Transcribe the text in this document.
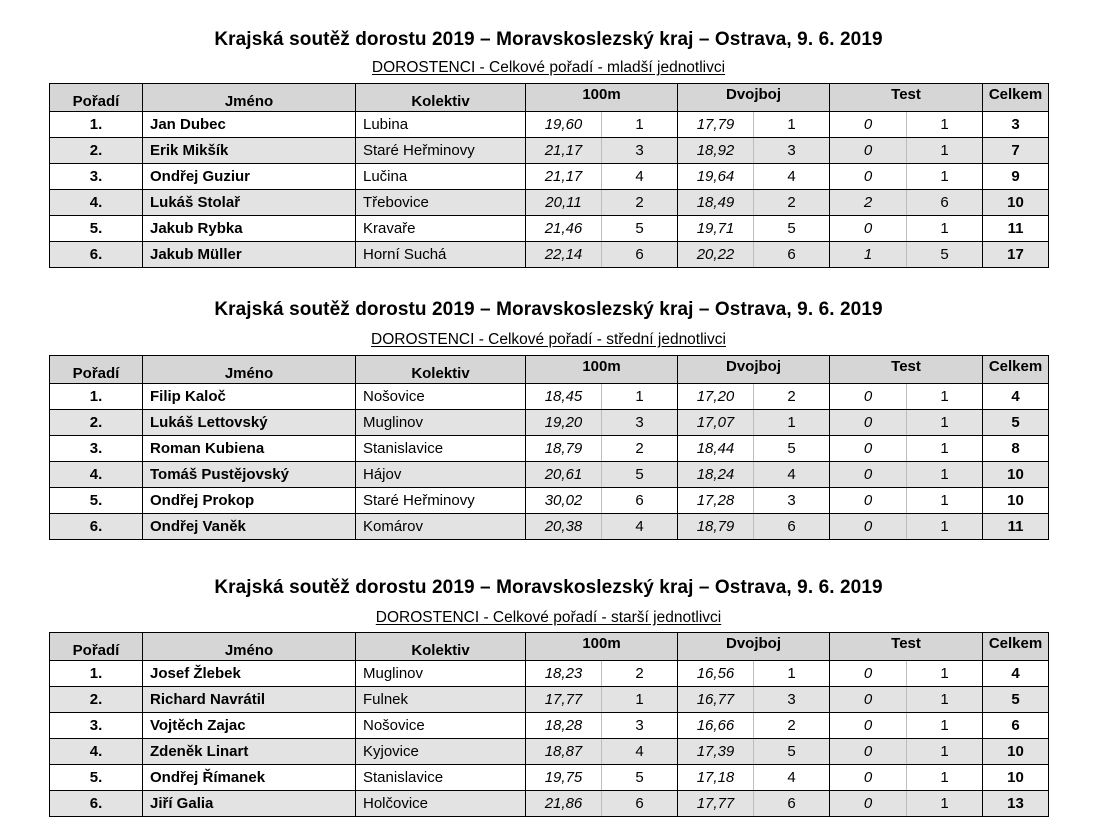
Krajská soutěž dorostu 2019 – Moravskoslezský kraj – Ostrava, 9. 6. 2019
DOROSTENCI - Celkové pořadí - mladší jednotlivci
Pořadí	Jméno	Kolektiv	100m		Dvojboj		Test		Celkem
1.	Jan Dubec	Lubina	19,60	1	17,79	1	0	1	3
2.	Erik Mikšík	Staré Heřminovy	21,17	3	18,92	3	0	1	7
3.	Ondřej Guziur	Lučina	21,17	4	19,64	4	0	1	9
4.	Lukáš Stolař	Třebovice	20,11	2	18,49	2	2	6	10
5.	Jakub Rybka	Kravaře	21,46	5	19,71	5	0	1	11
6.	Jakub Müller	Horní Suchá	22,14	6	20,22	6	1	5	17
Krajská soutěž dorostu 2019 – Moravskoslezský kraj – Ostrava, 9. 6. 2019
DOROSTENCI - Celkové pořadí - střední jednotlivci
Pořadí	Jméno	Kolektiv	100m		Dvojboj		Test		Celkem
1.	Filip Kaloč	Nošovice	18,45	1	17,20	2	0	1	4
2.	Lukáš Lettovský	Muglinov	19,20	3	17,07	1	0	1	5
3.	Roman Kubiena	Stanislavice	18,79	2	18,44	5	0	1	8
4.	Tomáš Pustějovský	Hájov	20,61	5	18,24	4	0	1	10
5.	Ondřej Prokop	Staré Heřminovy	30,02	6	17,28	3	0	1	10
6.	Ondřej Vaněk	Komárov	20,38	4	18,79	6	0	1	11
Krajská soutěž dorostu 2019 – Moravskoslezský kraj – Ostrava, 9. 6. 2019
DOROSTENCI - Celkové pořadí - starší jednotlivci
Pořadí	Jméno	Kolektiv	100m		Dvojboj		Test		Celkem
1.	Josef Žlebek	Muglinov	18,23	2	16,56	1	0	1	4
2.	Richard Navrátil	Fulnek	17,77	1	16,77	3	0	1	5
3.	Vojtěch Zajac	Nošovice	18,28	3	16,66	2	0	1	6
4.	Zdeněk Linart	Kyjovice	18,87	4	17,39	5	0	1	10
5.	Ondřej Římanek	Stanislavice	19,75	5	17,18	4	0	1	10
6.	Jiří Galia	Holčovice	21,86	6	17,77	6	0	1	13
